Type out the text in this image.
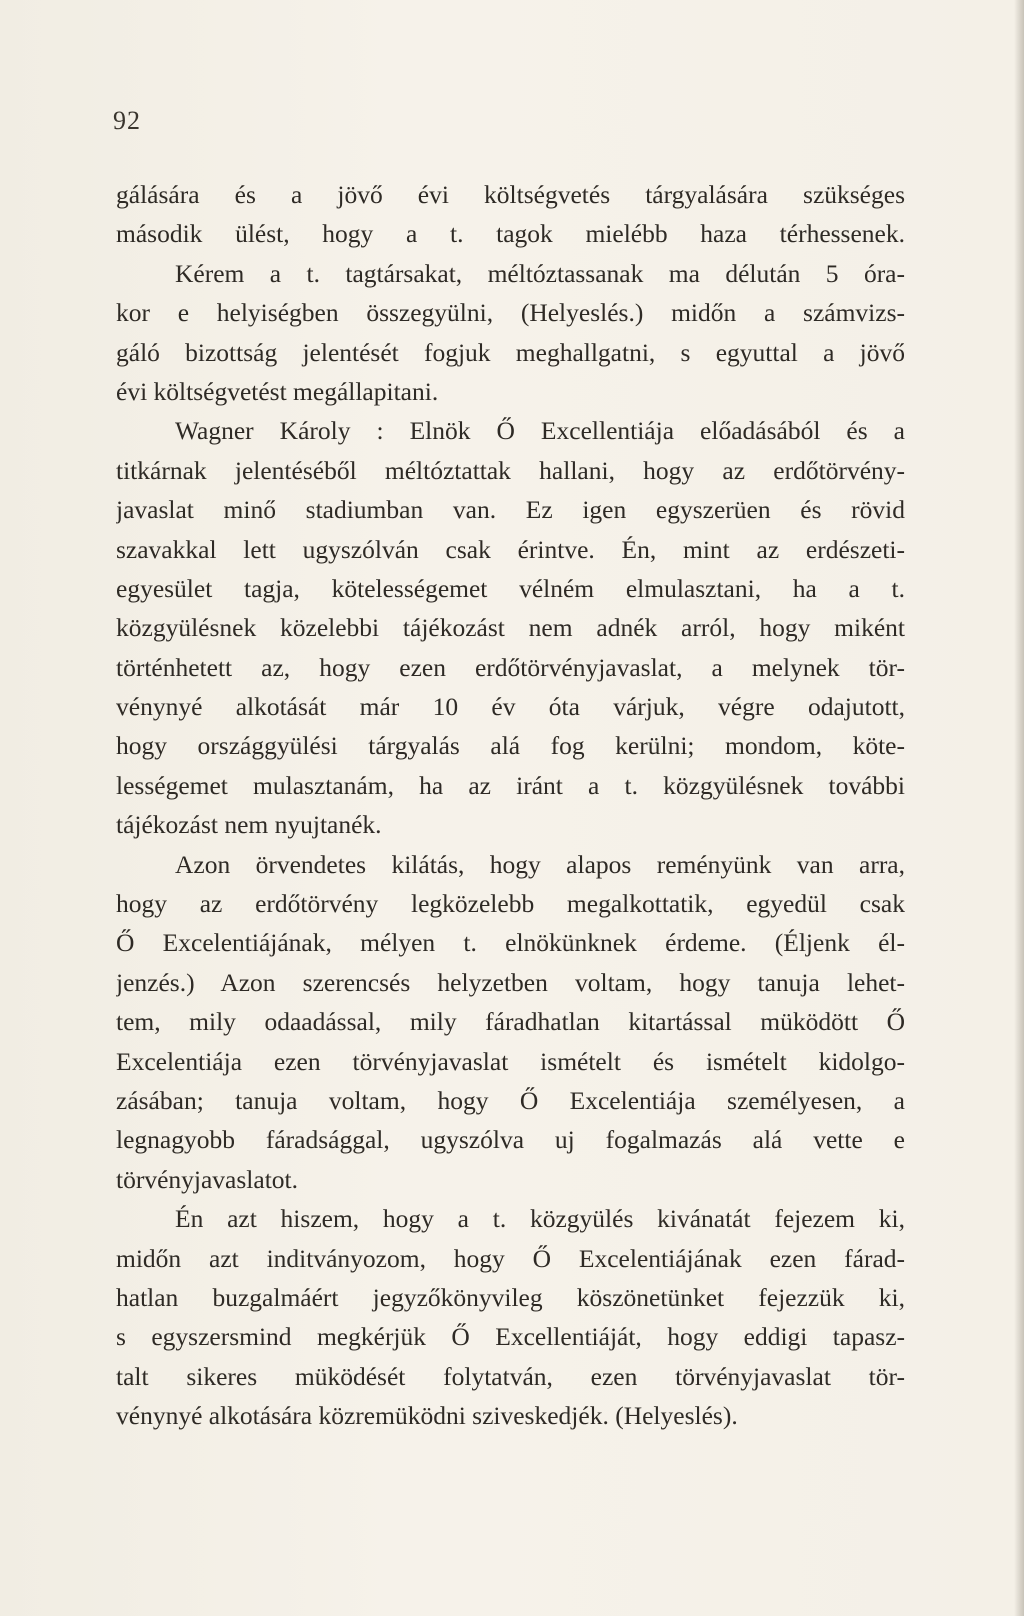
92
gálására és a jövő évi költségvetés tárgyalására szükséges
második ülést, hogy a t. tagok mielébb haza térhessenek.
Kérem a t. tagtársakat, méltóztassanak ma délután 5 óra-
kor e helyiségben összegyülni, (Helyeslés.) midőn a számvizs-
gáló bizottság jelentését fogjuk meghallgatni, s egyuttal a jövő
évi költségvetést megállapitani.
Wagner Károly : Elnök Ő Excellentiája előadásából és a
titkárnak jelentéséből méltóztattak hallani, hogy az erdőtörvény-
javaslat minő stadiumban van. Ez igen egyszerüen és rövid
szavakkal lett ugyszólván csak érintve. Én, mint az erdészeti-
egyesület tagja, kötelességemet vélném elmulasztani, ha a t.
közgyülésnek közelebbi tájékozást nem adnék arról, hogy miként
történhetett az, hogy ezen erdőtörvényjavaslat, a melynek tör-
vénynyé alkotását már 10 év óta várjuk, végre odajutott,
hogy országgyülési tárgyalás alá fog kerülni; mondom, köte-
lességemet mulasztanám, ha az iránt a t. közgyülésnek további
tájékozást nem nyujtanék.
Azon örvendetes kilátás, hogy alapos reményünk van arra,
hogy az erdőtörvény legközelebb megalkottatik, egyedül csak
Ő Excelentiájának, mélyen t. elnökünknek érdeme. (Éljenk él-
jenzés.) Azon szerencsés helyzetben voltam, hogy tanuja lehet-
tem, mily odaadással, mily fáradhatlan kitartással müködött Ő
Excelentiája ezen törvényjavaslat ismételt és ismételt kidolgo-
zásában; tanuja voltam, hogy Ő Excelentiája személyesen, a
legnagyobb fáradsággal, ugyszólva uj fogalmazás alá vette e
törvényjavaslatot.
Én azt hiszem, hogy a t. közgyülés kivánatát fejezem ki,
midőn azt inditványozom, hogy Ő Excelentiájának ezen fárad-
hatlan buzgalmáért jegyzőkönyvileg köszönetünket fejezzük ki,
s egyszersmind megkérjük Ő Excellentiáját, hogy eddigi tapasz-
talt sikeres müködését folytatván, ezen törvényjavaslat tör-
vénynyé alkotására közremüködni sziveskedjék. (Helyeslés).
